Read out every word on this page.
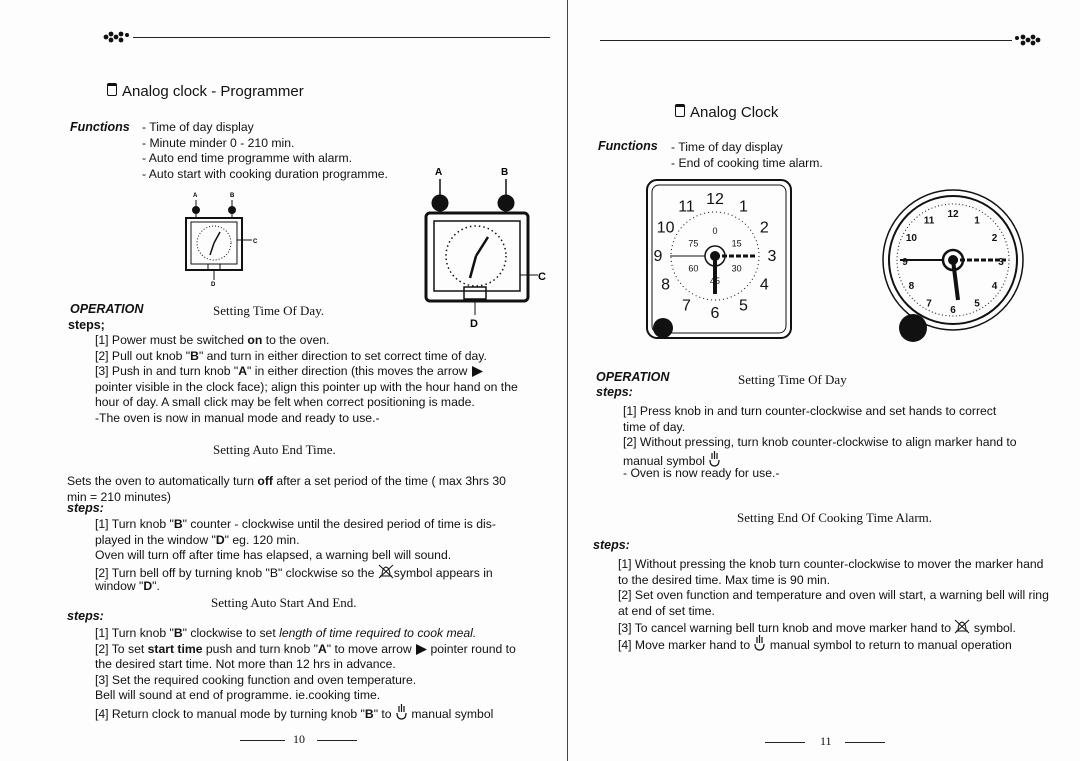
Analog clock - Programmer
Functions - Time of day display
- Minute minder 0 - 210 min.
- Auto end time programme with alarm.
- Auto start with cooking duration programme.
A	B
C
D
A	B
C
D
OPERATION	Setting Time Of Day.
steps;
[1] Power must be switched on to the oven.
[2] Pull out knob "B" and turn in either direction to set correct time of day.
[3] Push in and turn knob "A" in either direction (this moves the arrow
pointer visible in the clock face); align this pointer up with the hour hand on the
hour of day. A small click may be felt when correct positioning is made.
-The oven is now in manual mode and ready to use.-
Setting Auto End Time.
Sets the oven to automatically turn off after a set period of the time ( max 3hrs 30
min = 210 minutes)
steps:
[1] Turn knob "B" counter - clockwise until the desired period of time is dis-
played in the window "D" eg. 120 min.
Oven will turn off after time has elapsed, a warning bell will sound.
[2] Turn bell off by turning knob "B" clockwise so the symbol appears in
window "D".
Setting Auto Start And End.
steps:
[1] Turn knob "B" clockwise to set length of time required to cook meal.
[2] To set start time push and turn knob "A" to move arrow  pointer round to
the desired start time. Not more than 12 hrs in advance.
[3] Set the required cooking function and oven temperature.
Bell will sound at end of programme. ie.cooking time.
[4] Return clock to manual mode by turning knob "B" to  manual symbol
10
Analog Clock
Functions - Time of day display
- End of cooking time alarm.
12 1
2
3
4
5
6
7
8
9
10
11
0
15
30
45
60
75
12
1
2
3
4
5
6
7
8
9
10
11
OPERATION	Setting Time Of Day
steps:
[1] Press knob in and turn counter-clockwise and set hands to correct
time of day.
[2] Without pressing, turn knob counter-clockwise to align marker hand to
manual symbol
- Oven is now ready for use.-
Setting End Of Cooking Time Alarm.
steps:
[1] Without pressing the knob turn counter-clockwise to mover the marker hand
to the desired time. Max time is 90 min.
[2] Set oven function and temperature and oven will start, a warning bell will ring
at end of set time.
[3] To cancel warning bell turn knob and move marker hand to  symbol.
[4] Move marker hand to  manual symbol to return to manual operation
11
